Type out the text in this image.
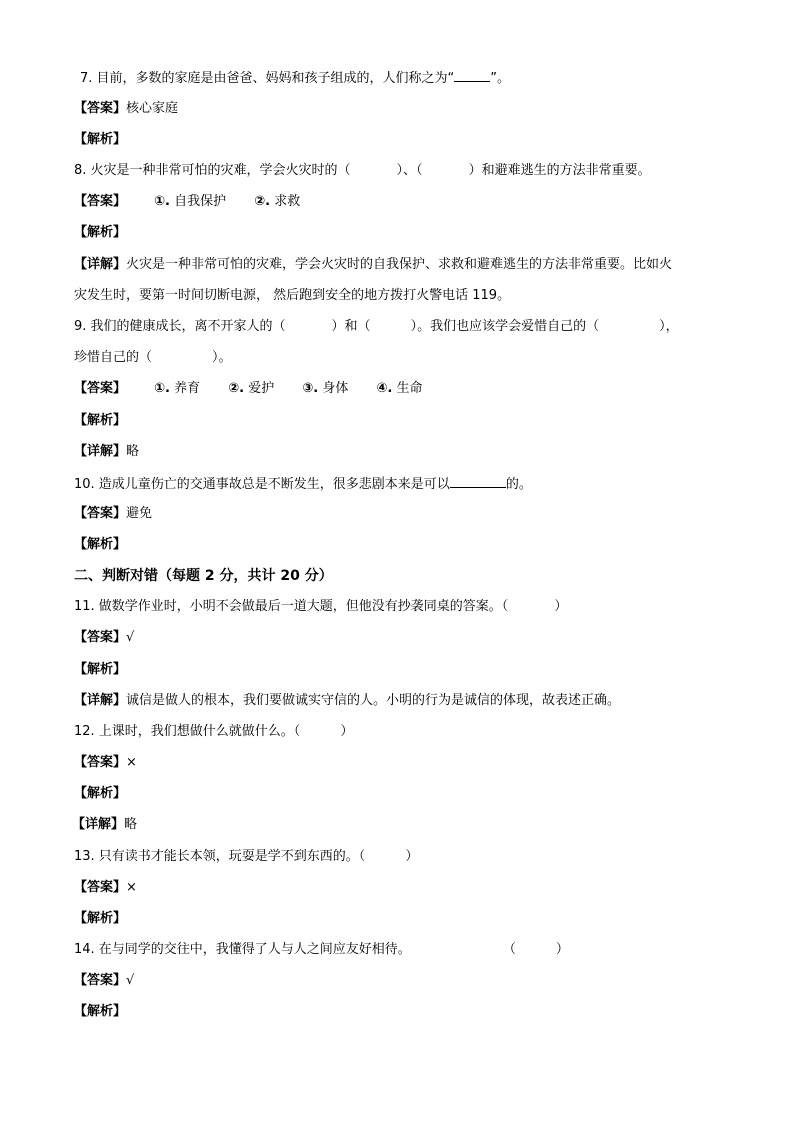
7. 目前，多数的家庭是由爸爸、妈妈和孩子组成的，人们称之为“	”。
【答案】核心家庭
【解析】
8. 火灾是一种非常可怕的灾难，学会火灾时的（	）、（	）和避难逃生的方法非常重要。
【答案】 ①. 自我保护 ②. 求救
【解析】
【详解】火灾是一种非常可怕的灾难，学会火灾时的自我保护、求救和避难逃生的方法非常重要。比如火
灾发生时，要第一时间切断电源， 然后跑到安全的地方拨打火警电话 119。
9. 我们的健康成长，离不开家人的（	）和（	）。我们也应该学会爱惜自己的（	），
珍惜自己的（	）。
【答案】 ①. 养育 ②. 爱护 ③. 身体 ④. 生命
【解析】
【详解】略
10. 造成儿童伤亡的交通事故总是不断发生，很多悲剧本来是可以	的。
【答案】避免
【解析】
二、判断对错（每题 2 分，共计 20 分）
11. 做数学作业时，小明不会做最后一道大题，但他没有抄袭同桌的答案。（	）
【答案】√
【解析】
【详解】诚信是做人的根本，我们要做诚实守信的人。小明的行为是诚信的体现，故表述正确。
12. 上课时，我们想做什么就做什么。（	）
【答案】×
【解析】
【详解】略
13. 只有读书才能长本领，玩耍是学不到东西的。（	）
【答案】×
【解析】
14. 在与同学的交往中，我懂得了人与人之间应友好相待。	（	）
【答案】√
【解析】
